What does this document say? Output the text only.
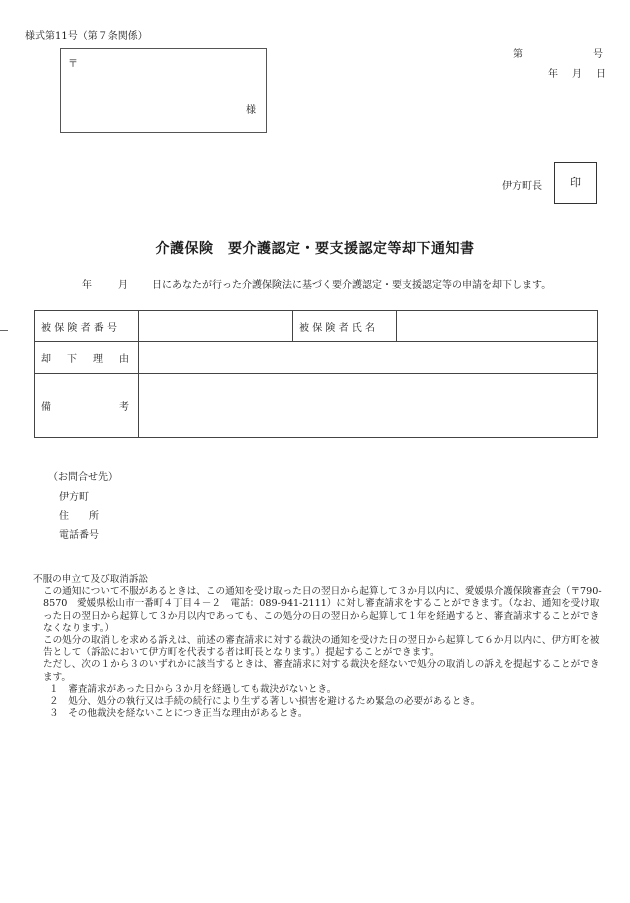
様式第11号（第７条関係）
第	号
年 月 日
〒
様
伊方町長	印
介護保険　要介護認定・要支援認定等却下通知書
年	月 日にあなたが行った介護保険法に基づく要介護認定・要支援認定等の申請を却下します。
被保険者番号		被保険者氏名	

却 下 理 由			

備 考			

（お問合せ先）
伊方町
住 所
電話番号

不服の申立て及び取消訴訟

この通知について不服があるときは、この通知を受け取った日の翌日から起算して３か月以内に、愛媛県介護保険審査会（〒790-8570　愛媛県松山市一番町４丁目４－２　電話：089-941-2111）に対し審査請求をすることができます。（なお、通知を受け取った日の翌日から起算して３か月以内であっても、この処分の日の翌日から起算して１年を経過すると、審査請求することができなくなります。）

この処分の取消しを求める訴えは、前述の審査請求に対する裁決の通知を受けた日の翌日から起算して６か月以内に、伊方町を被告として（訴訟において伊方町を代表する者は町長となります。）提起することができます。

ただし、次の１から３のいずれかに該当するときは、審査請求に対する裁決を経ないで処分の取消しの訴えを提起することができます。

１　 審査請求があった日から３か月を経過しても裁決がないとき。

２　 処分、処分の執行又は手続の続行により生ずる著しい損害を避けるため緊急の必要があるとき。

３　 その他裁決を経ないことにつき正当な理由があるとき。
